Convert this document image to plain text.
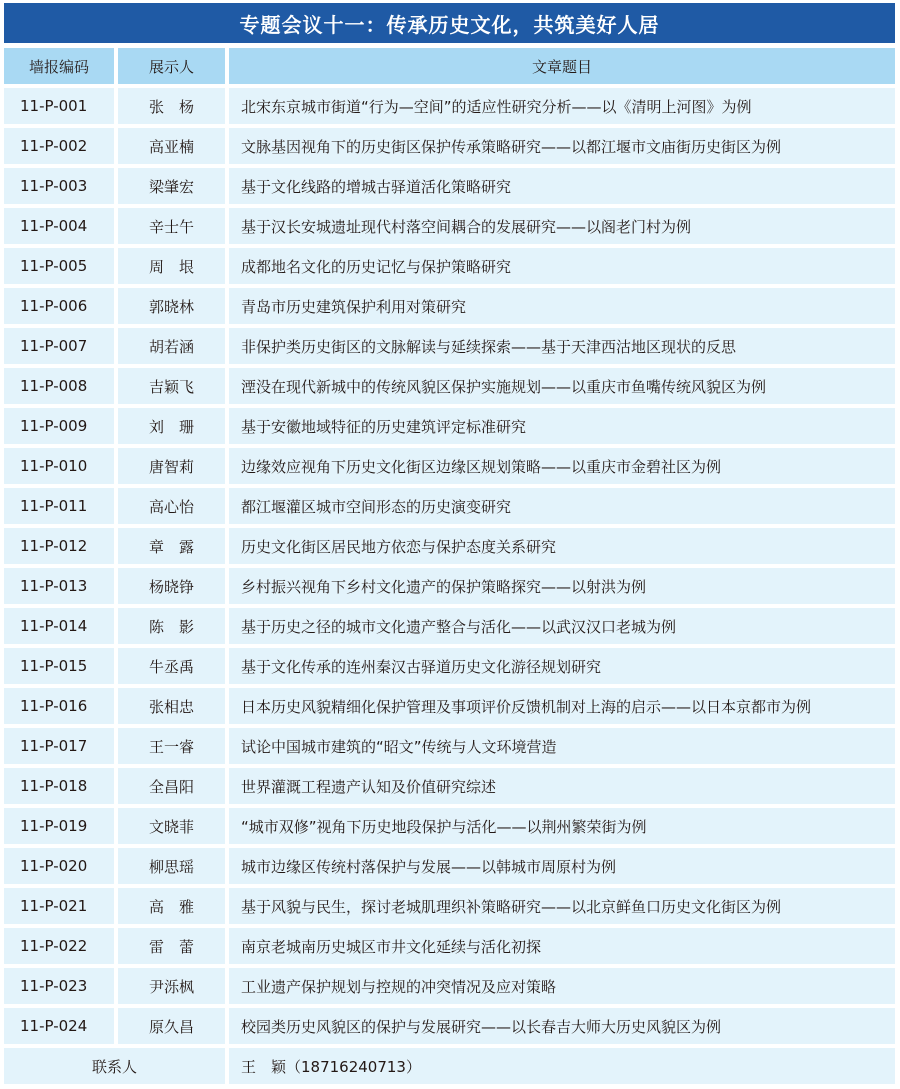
专题会议十一：传承历史文化，共筑美好人居
墙报编码	展示人	文章题目
11-P-001	张　杨	北宋东京城市街道“行为—空间”的适应性研究分析——以《清明上河图》为例
11-P-002	高亚楠	文脉基因视角下的历史街区保护传承策略研究——以都江堰市文庙街历史街区为例
11-P-003	梁肇宏	基于文化线路的增城古驿道活化策略研究
11-P-004	辛士午	基于汉长安城遗址现代村落空间耦合的发展研究——以阁老门村为例
11-P-005	周　垠	成都地名文化的历史记忆与保护策略研究
11-P-006	郭晓林	青岛市历史建筑保护利用对策研究
11-P-007	胡若涵	非保护类历史街区的文脉解读与延续探索——基于天津西沽地区现状的反思
11-P-008	吉颖飞	湮没在现代新城中的传统风貌区保护实施规划——以重庆市鱼嘴传统风貌区为例
11-P-009	刘　珊	基于安徽地域特征的历史建筑评定标准研究
11-P-010	唐智莉	边缘效应视角下历史文化街区边缘区规划策略——以重庆市金碧社区为例
11-P-011	高心怡	都江堰灌区城市空间形态的历史演变研究
11-P-012	章　露	历史文化街区居民地方依恋与保护态度关系研究
11-P-013	杨晓铮	乡村振兴视角下乡村文化遗产的保护策略探究——以射洪为例
11-P-014	陈　影	基于历史之径的城市文化遗产整合与活化——以武汉汉口老城为例
11-P-015	牛丞禹	基于文化传承的连州秦汉古驿道历史文化游径规划研究
11-P-016	张相忠	日本历史风貌精细化保护管理及事项评价反馈机制对上海的启示——以日本京都市为例
11-P-017	王一睿	试论中国城市建筑的“昭文”传统与人文环境营造
11-P-018	全昌阳	世界灌溉工程遗产认知及价值研究综述
11-P-019	文晓菲	“城市双修”视角下历史地段保护与活化——以荆州繁荣街为例
11-P-020	柳思瑶	城市边缘区传统村落保护与发展——以韩城市周原村为例
11-P-021	高　雅	基于风貌与民生，探讨老城肌理织补策略研究——以北京鲜鱼口历史文化街区为例
11-P-022	雷　蕾	南京老城南历史城区市井文化延续与活化初探
11-P-023	尹泺枫	工业遗产保护规划与控规的冲突情况及应对策略
11-P-024	原久昌	校园类历史风貌区的保护与发展研究——以长春吉大师大历史风貌区为例
联系人	王　颖（18716240713）
